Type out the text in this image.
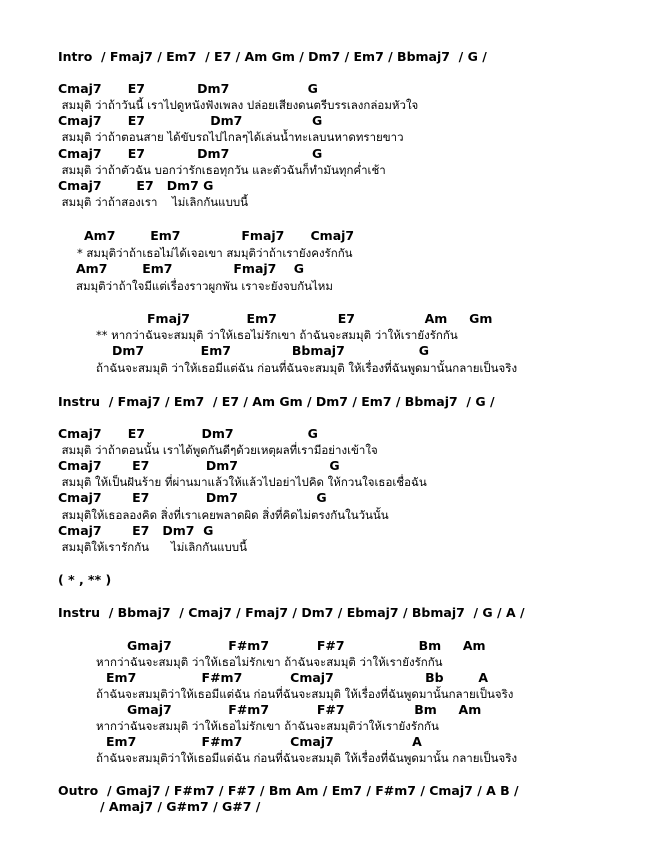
Intro  / Fmaj7 / Em7  / E7 / Am Gm / Dm7 / Em7 / Bbmaj7  / G /
Cmaj7      E7            Dm7                  G
สมมุติ ว่าถ้าวันนี้ เราไปดูหนังฟังเพลง ปล่อยเสียงดนตรีบรรเลงกล่อมหัวใจ
Cmaj7      E7               Dm7                G
สมมุติ ว่าถ้าตอนสาย ได้ขับรถไปไกลๆได้เล่นน้ำทะเลบนหาดทรายขาว
Cmaj7      E7            Dm7                   G
สมมุติ ว่าถ้าตัวฉัน บอกว่ารักเธอทุกวัน และตัวฉันก็ทำมันทุกค่ำเช้า
Cmaj7        E7   Dm7 G
สมมุติ ว่าถ้าสองเรา    ไม่เลิกกันแบบนี้
Am7        Em7              Fmaj7      Cmaj7
* สมมุติว่าถ้าเธอไม่ได้เจอเขา สมมุติว่าถ้าเรายังคงรักกัน
Am7        Em7              Fmaj7    G
สมมุติว่าถ้าใจมีแต่เรื่องราวผูกพัน เราจะยังจบกันไหม
Fmaj7             Em7              E7                Am     Gm
** หากว่าฉันจะสมมุติ ว่าให้เธอไม่รักเขา ถ้าฉันจะสมมุติ ว่าให้เรายังรักกัน
Dm7             Em7              Bbmaj7                 G
ถ้าฉันจะสมมุติ ว่าให้เธอมีแต่ฉัน ก่อนที่ฉันจะสมมุติ ให้เรื่องที่ฉันพูดมานั้นกลายเป็นจริง
Instru  / Fmaj7 / Em7  / E7 / Am Gm / Dm7 / Em7 / Bbmaj7  / G /
Cmaj7      E7             Dm7                 G
สมมุติ ว่าถ้าตอนนั้น เราได้พูดกันดีๆด้วยเหตุผลที่เรามีอย่างเข้าใจ
Cmaj7       E7             Dm7                     G
สมมุติ ให้เป็นฝันร้าย ที่ผ่านมาแล้วให้แล้วไปอย่าไปคิด ให้กวนใจเธอเชื่อฉัน
Cmaj7       E7             Dm7                  G
สมมุติให้เธอลองคิด สิ่งที่เราเคยพลาดผิด สิ่งที่คิดไม่ตรงกันในวันนั้น
Cmaj7       E7   Dm7  G
สมมุติให้เรารักกัน      ไม่เลิกกันแบบนี้
( * , ** )
Instru  / Bbmaj7  / Cmaj7 / Fmaj7 / Dm7 / Ebmaj7 / Bbmaj7  / G / A /
Gmaj7             F#m7           F#7                 Bm     Am
หากว่าฉันจะสมมุติ ว่าให้เธอไม่รักเขา ถ้าฉันจะสมมุติ ว่าให้เรายังรักกัน
Em7               F#m7           Cmaj7                     Bb        A
ถ้าฉันจะสมมุติว่าให้เธอมีแต่ฉัน ก่อนที่ฉันจะสมมุติ ให้เรื่องที่ฉันพูดมานั้นกลายเป็นจริง
Gmaj7             F#m7           F#7                Bm     Am
หากว่าฉันจะสมมุติ ว่าให้เธอไม่รักเขา ถ้าฉันจะสมมุติว่าให้เรายังรักกัน
Em7               F#m7           Cmaj7                  A
ถ้าฉันจะสมมุติว่าให้เธอมีแต่ฉัน ก่อนที่ฉันจะสมมุติ ให้เรื่องที่ฉันพูดมานั้น กลายเป็นจริง
Outro  / Gmaj7 / F#m7 / F#7 / Bm Am / Em7 / F#m7 / Cmaj7 / A B /
/ Amaj7 / G#m7 / G#7 /
